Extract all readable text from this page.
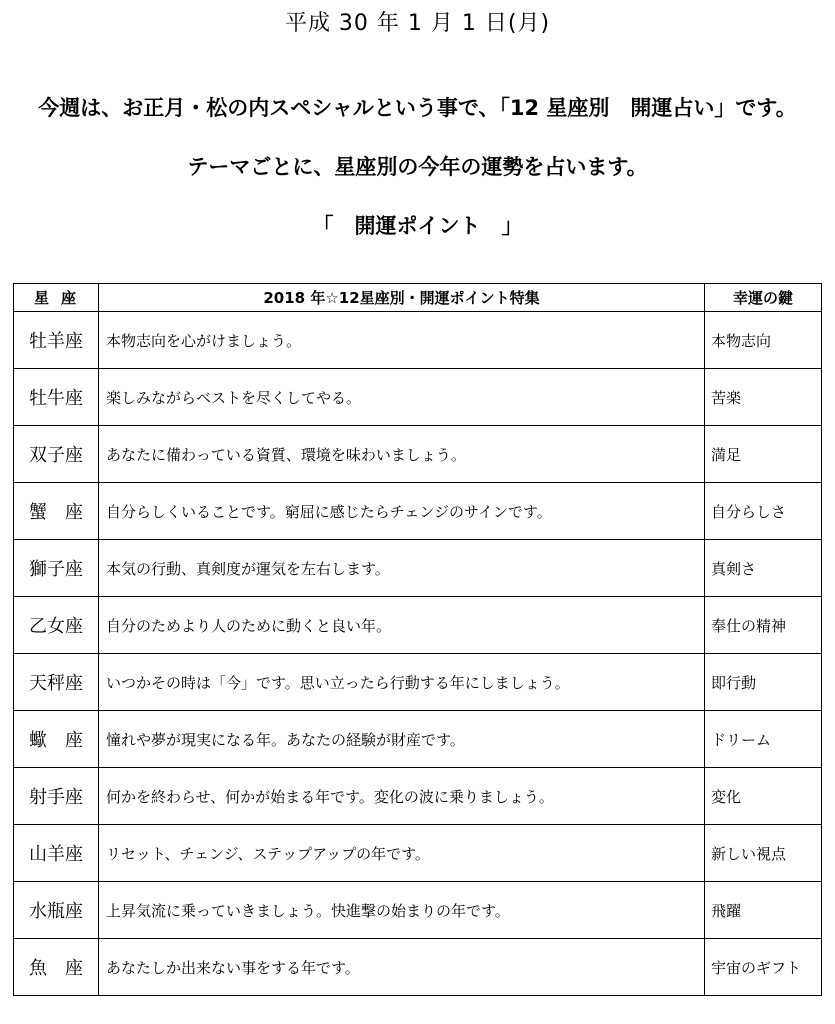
平成 30 年 1 月 1 日(月)
今週は、お正月・松の内スペシャルという事で、「12 星座別　開運占い」です。
テーマごとに、星座別の今年の運勢を占います。
「　開運ポイント　」
星座	2018 年☆12星座別・開運ポイント特集	幸運の鍵
牡羊座	本物志向を心がけましょう。	本物志向
牡牛座	楽しみながらベストを尽くしてやる。	苦楽
双子座	あなたに備わっている資質、環境を味わいましょう。	満足
蟹　座	自分らしくいることです。窮屈に感じたらチェンジのサインです。	自分らしさ
獅子座	本気の行動、真剣度が運気を左右します。	真剣さ
乙女座	自分のためより人のために動くと良い年。	奉仕の精神
天秤座	いつかその時は「今」です。思い立ったら行動する年にしましょう。	即行動
蠍　座	憧れや夢が現実になる年。あなたの経験が財産です。	ドリーム
射手座	何かを終わらせ、何かが始まる年です。変化の波に乗りましょう。	変化
山羊座	リセット、チェンジ、ステップアップの年です。	新しい視点
水瓶座	上昇気流に乗っていきましょう。快進撃の始まりの年です。	飛躍
魚　座	あなたしか出来ない事をする年です。	宇宙のギフト
